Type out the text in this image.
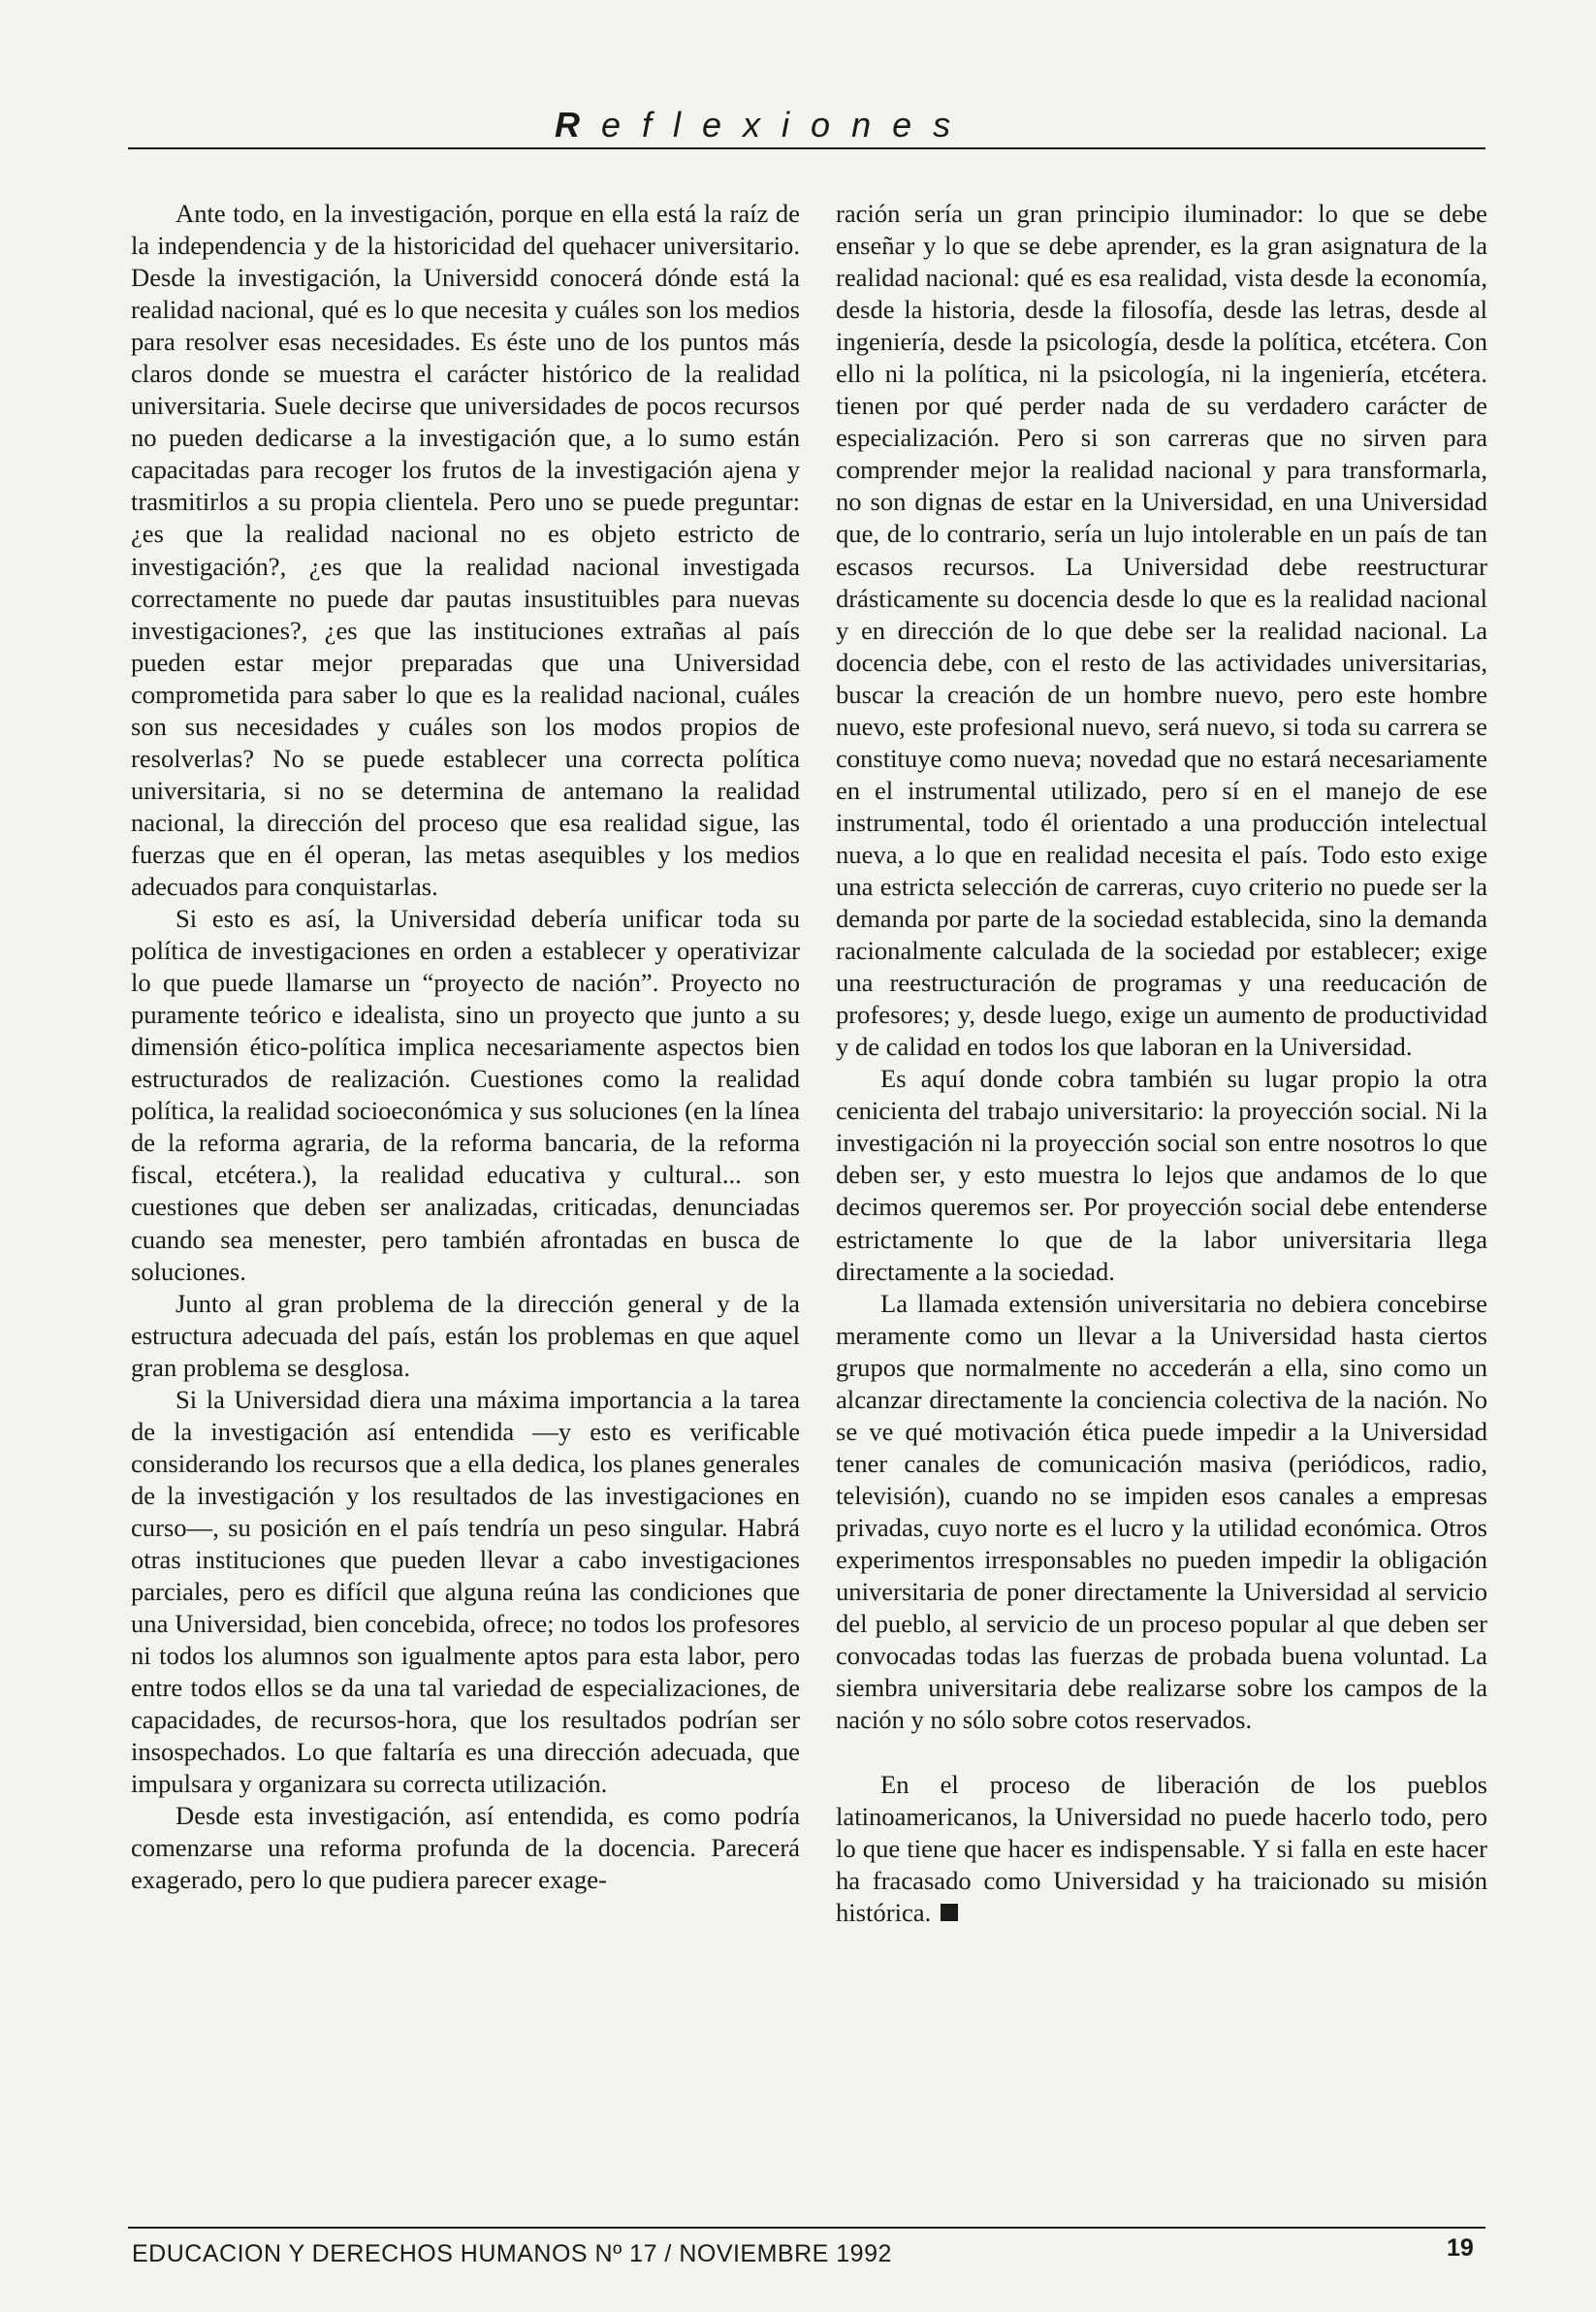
Reflexiones

Ante todo, en la investigación, porque en ella está la raíz de la independencia y de la historicidad del quehacer universitario. Desde la investigación, la Universidd conocerá dónde está la realidad nacional, qué es lo que necesita y cuáles son los medios para resolver esas necesidades. Es éste uno de los puntos más claros donde se muestra el carácter histórico de la realidad universitaria. Suele decirse que universidades de pocos recursos no pueden dedicarse a la investigación que, a lo sumo están capacitadas para recoger los frutos de la investigación ajena y trasmitirlos a su propia clientela. Pero uno se puede preguntar: ¿es que la realidad nacional no es objeto estricto de investigación?, ¿es que la realidad nacional investigada correctamente no puede dar pautas insustituibles para nuevas investigaciones?, ¿es que las instituciones extrañas al país pueden estar mejor preparadas que una Universidad comprometida para saber lo que es la realidad nacional, cuáles son sus necesidades y cuáles son los modos propios de resolverlas? No se puede establecer una correcta política universitaria, si no se determina de antemano la realidad nacional, la dirección del proceso que esa realidad sigue, las fuerzas que en él operan, las metas asequibles y los medios adecuados para conquistarlas.

Si esto es así, la Universidad debería unificar toda su política de investigaciones en orden a establecer y operativizar lo que puede llamarse un “proyecto de nación”. Proyecto no puramente teórico e idealista, sino un proyecto que junto a su dimensión ético-política implica necesariamente aspectos bien estructurados de realización. Cuestiones como la realidad política, la realidad socioeconómica y sus soluciones (en la línea de la reforma agraria, de la reforma bancaria, de la reforma fiscal, etcétera.), la realidad educativa y cultural... son cuestiones que deben ser analizadas, criticadas, denunciadas cuando sea menester, pero también afrontadas en busca de soluciones.

Junto al gran problema de la dirección general y de la estructura adecuada del país, están los problemas en que aquel gran problema se desglosa.

Si la Universidad diera una máxima importancia a la tarea de la investigación así entendida —y esto es verificable considerando los recursos que a ella dedica, los planes generales de la investigación y los resultados de las investigaciones en curso—, su posición en el país tendría un peso singular. Habrá otras instituciones que pueden llevar a cabo investigaciones parciales, pero es difícil que alguna reúna las condiciones que una Universidad, bien concebida, ofrece; no todos los profesores ni todos los alumnos son igualmente aptos para esta labor, pero entre todos ellos se da una tal variedad de especializaciones, de capacidades, de recursos-hora, que los resultados podrían ser insospechados. Lo que faltaría es una dirección adecuada, que impulsara y organizara su correcta utilización.

Desde esta investigación, así entendida, es como podría comenzarse una reforma profunda de la docencia. Parecerá exagerado, pero lo que pudiera parecer exage-

ración sería un gran principio iluminador: lo que se debe enseñar y lo que se debe aprender, es la gran asignatura de la realidad nacional: qué es esa realidad, vista desde la economía, desde la historia, desde la filosofía, desde las letras, desde al ingeniería, desde la psicología, desde la política, etcétera. Con ello ni la política, ni la psicología, ni la ingeniería, etcétera. tienen por qué perder nada de su verdadero carácter de especialización. Pero si son carreras que no sirven para comprender mejor la realidad nacional y para transformarla, no son dignas de estar en la Universidad, en una Universidad que, de lo contrario, sería un lujo intolerable en un país de tan escasos recursos. La Universidad debe reestructurar drásticamente su docencia desde lo que es la realidad nacional y en dirección de lo que debe ser la realidad nacional. La docencia debe, con el resto de las actividades universitarias, buscar la creación de un hombre nuevo, pero este hombre nuevo, este profesional nuevo, será nuevo, si toda su carrera se constituye como nueva; novedad que no estará necesariamente en el instrumental utilizado, pero sí en el manejo de ese instrumental, todo él orientado a una producción intelectual nueva, a lo que en realidad necesita el país. Todo esto exige una estricta selección de carreras, cuyo criterio no puede ser la demanda por parte de la sociedad establecida, sino la demanda racionalmente calculada de la sociedad por establecer; exige una reestructuración de programas y una reeducación de profesores; y, desde luego, exige un aumento de productividad y de calidad en todos los que laboran en la Universidad.

Es aquí donde cobra también su lugar propio la otra cenicienta del trabajo universitario: la proyección social. Ni la investigación ni la proyección social son entre nosotros lo que deben ser, y esto muestra lo lejos que andamos de lo que decimos queremos ser. Por proyección social debe entenderse estrictamente lo que de la labor universitaria llega directamente a la sociedad.

La llamada extensión universitaria no debiera concebirse meramente como un llevar a la Universidad hasta ciertos grupos que normalmente no accederán a ella, sino como un alcanzar directamente la conciencia colectiva de la nación. No se ve qué motivación ética puede impedir a la Universidad tener canales de comunicación masiva (periódicos, radio, televisión), cuando no se impiden esos canales a empresas privadas, cuyo norte es el lucro y la utilidad económica. Otros experimentos irresponsables no pueden impedir la obligación universitaria de poner directamente la Universidad al servicio del pueblo, al servicio de un proceso popular al que deben ser convocadas todas las fuerzas de probada buena voluntad. La siembra universitaria debe realizarse sobre los campos de la nación y no sólo sobre cotos reservados.

En el proceso de liberación de los pueblos latinoamericanos, la Universidad no puede hacerlo todo, pero lo que tiene que hacer es indispensable. Y si falla en este hacer ha fracasado como Universidad y ha traicionado su misión histórica.

EDUCACION Y DERECHOS HUMANOS Nº 17 / NOVIEMBRE 1992	19
